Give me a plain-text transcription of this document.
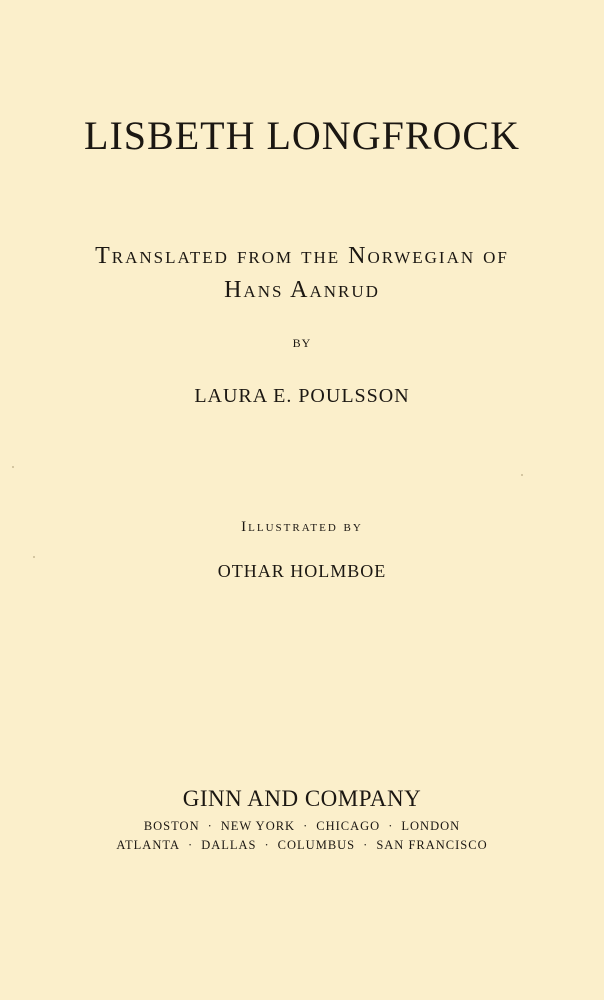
LISBETH LONGFROCK
Translated from the Norwegian of
Hans Aanrud
BY
LAURA E. POULSSON
Illustrated by
OTHAR HOLMBOE
GINN AND COMPANY
BOSTON · NEW YORK · CHICAGO · LONDON
ATLANTA · DALLAS · COLUMBUS · SAN FRANCISCO
